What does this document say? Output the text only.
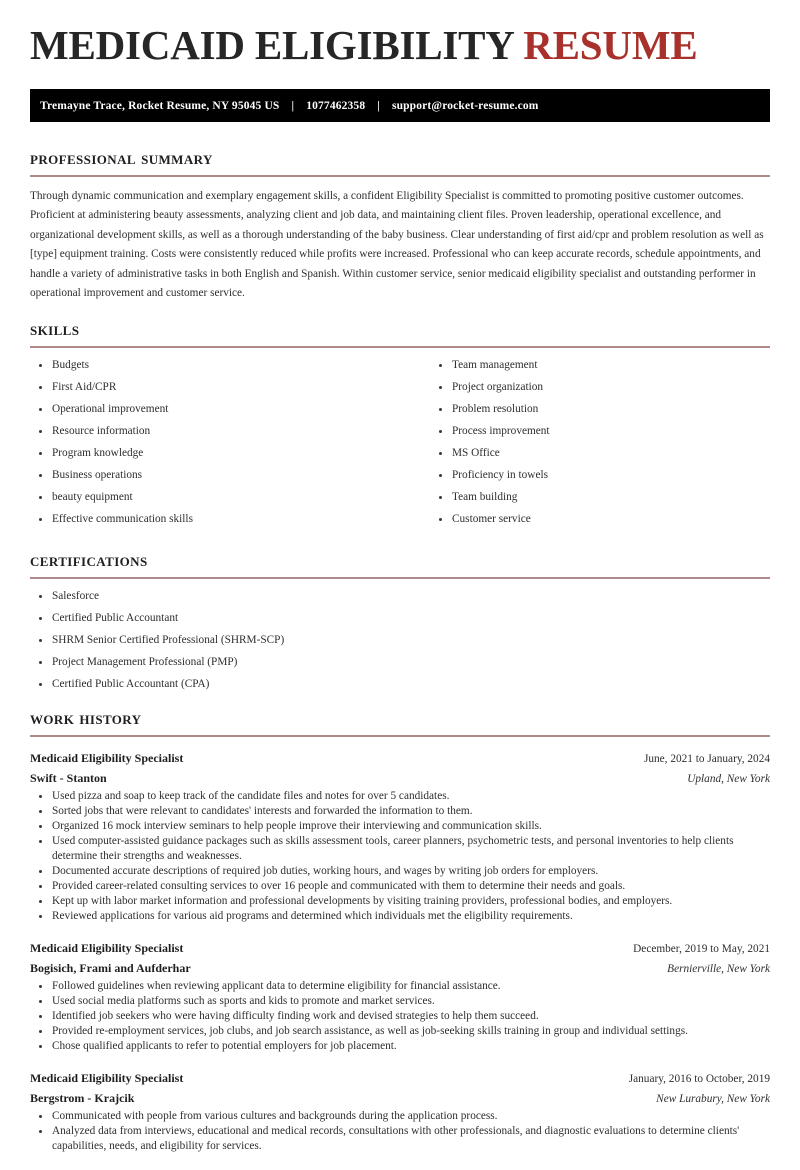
MEDICAID ELIGIBILITY RESUME
Tremayne Trace, Rocket Resume, NY 95045 US | 1077462358 | support@rocket-resume.com
professional summary

Through dynamic communication and exemplary engagement skills, a confident Eligibility Specialist is committed to promoting positive customer outcomes. Proficient at administering beauty assessments, analyzing client and job data, and maintaining client files. Proven leadership, operational excellence, and organizational development skills, as well as a thorough understanding of the baby business. Clear understanding of first aid/cpr and problem resolution as well as [type] equipment training. Costs were consistently reduced while profits were increased. Professional who can keep accurate records, schedule appointments, and handle a variety of administrative tasks in both English and Spanish. Within customer service, senior medicaid eligibility specialist and outstanding performer in operational improvement and customer service.

skills
Budgets
First Aid/CPR
Operational improvement
Resource information
Program knowledge
Business operations
beauty equipment
Effective communication skills
Team management
Project organization
Problem resolution
Process improvement
MS Office
Proficiency in towels
Team building
Customer service
certifications
Salesforce
Certified Public Accountant
SHRM Senior Certified Professional (SHRM-SCP)
Project Management Professional (PMP)
Certified Public Accountant (CPA)
work history
Medicaid Eligibility Specialist	June, 2021 to January, 2024
Swift - Stanton	Upland, New York
Used pizza and soap to keep track of the candidate files and notes for over 5 candidates.
Sorted jobs that were relevant to candidates' interests and forwarded the information to them.
Organized 16 mock interview seminars to help people improve their interviewing and communication skills.
Used computer-assisted guidance packages such as skills assessment tools, career planners, psychometric tests, and personal inventories to help clients determine their strengths and weaknesses.
Documented accurate descriptions of required job duties, working hours, and wages by writing job orders for employers.
Provided career-related consulting services to over 16 people and communicated with them to determine their needs and goals.
Kept up with labor market information and professional developments by visiting training providers, professional bodies, and employers.
Reviewed applications for various aid programs and determined which individuals met the eligibility requirements.
Medicaid Eligibility Specialist	December, 2019 to May, 2021
Bogisich, Frami and Aufderhar	Bernierville, New York
Followed guidelines when reviewing applicant data to determine eligibility for financial assistance.
Used social media platforms such as sports and kids to promote and market services.
Identified job seekers who were having difficulty finding work and devised strategies to help them succeed.
Provided re-employment services, job clubs, and job search assistance, as well as job-seeking skills training in group and individual settings.
Chose qualified applicants to refer to potential employers for job placement.
Medicaid Eligibility Specialist	January, 2016 to October, 2019
Bergstrom - Krajcik	New Lurabury, New York
Communicated with people from various cultures and backgrounds during the application process.
Analyzed data from interviews, educational and medical records, consultations with other professionals, and diagnostic evaluations to determine clients' capabilities, needs, and eligibility for services.
